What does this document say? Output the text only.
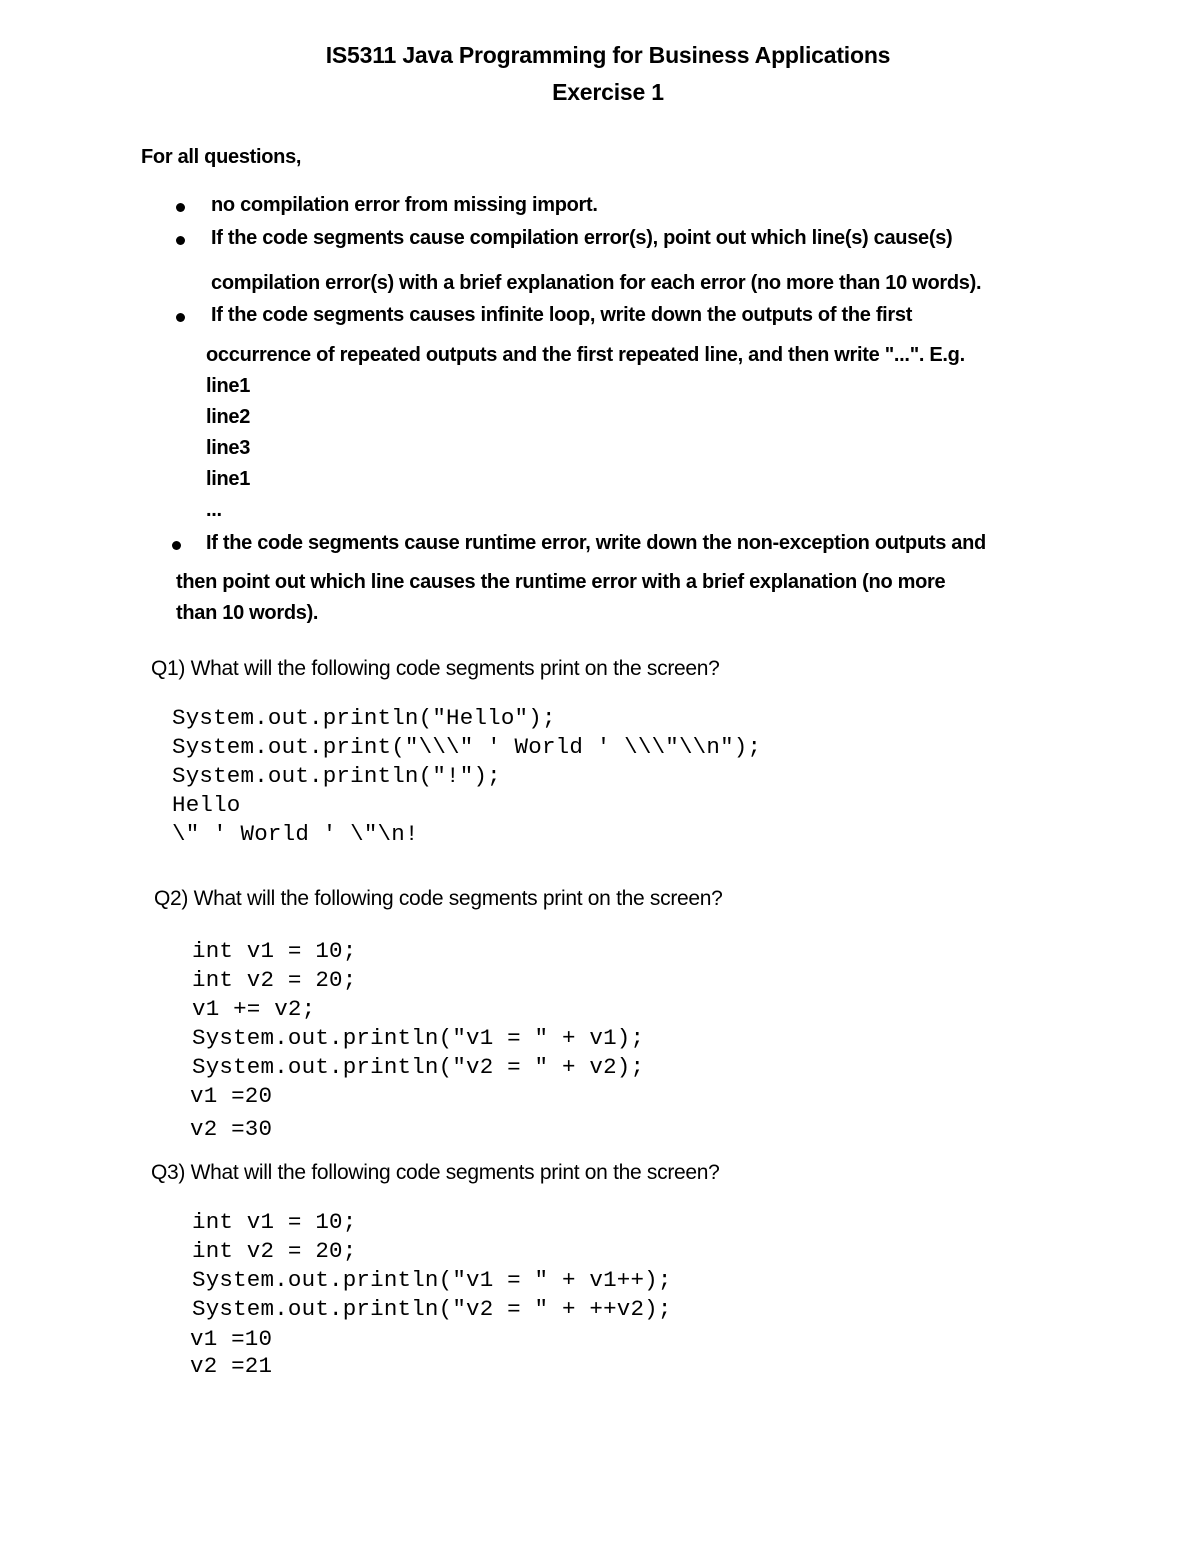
IS5311 Java Programming for Business Applications
Exercise 1
For all questions,
no compilation error from missing import.
If the code segments cause compilation error(s), point out which line(s) cause(s)
compilation error(s) with a brief explanation for each error (no more than 10 words).
If the code segments causes infinite loop, write down the outputs of the first
occurrence of repeated outputs and the first repeated line, and then write "...". E.g.
line1
line2
line3
line1
...
If the code segments cause runtime error, write down the non-exception outputs and
then point out which line causes the runtime error with a brief explanation (no more
than 10 words).
Q1) What will the following code segments print on the screen?
System.out.println("Hello");
System.out.print("\\\" ' World ' \\\"\\n");
System.out.println("!");
Hello
\" ' World ' \"\n!
Q2) What will the following code segments print on the screen?
int v1 = 10;
int v2 = 20;
v1 += v2;
System.out.println("v1 = " + v1);
System.out.println("v2 = " + v2);
v1 =20
v2 =30
Q3) What will the following code segments print on the screen?
int v1 = 10;
int v2 = 20;
System.out.println("v1 = " + v1++);
System.out.println("v2 = " + ++v2);
v1 =10
v2 =21
